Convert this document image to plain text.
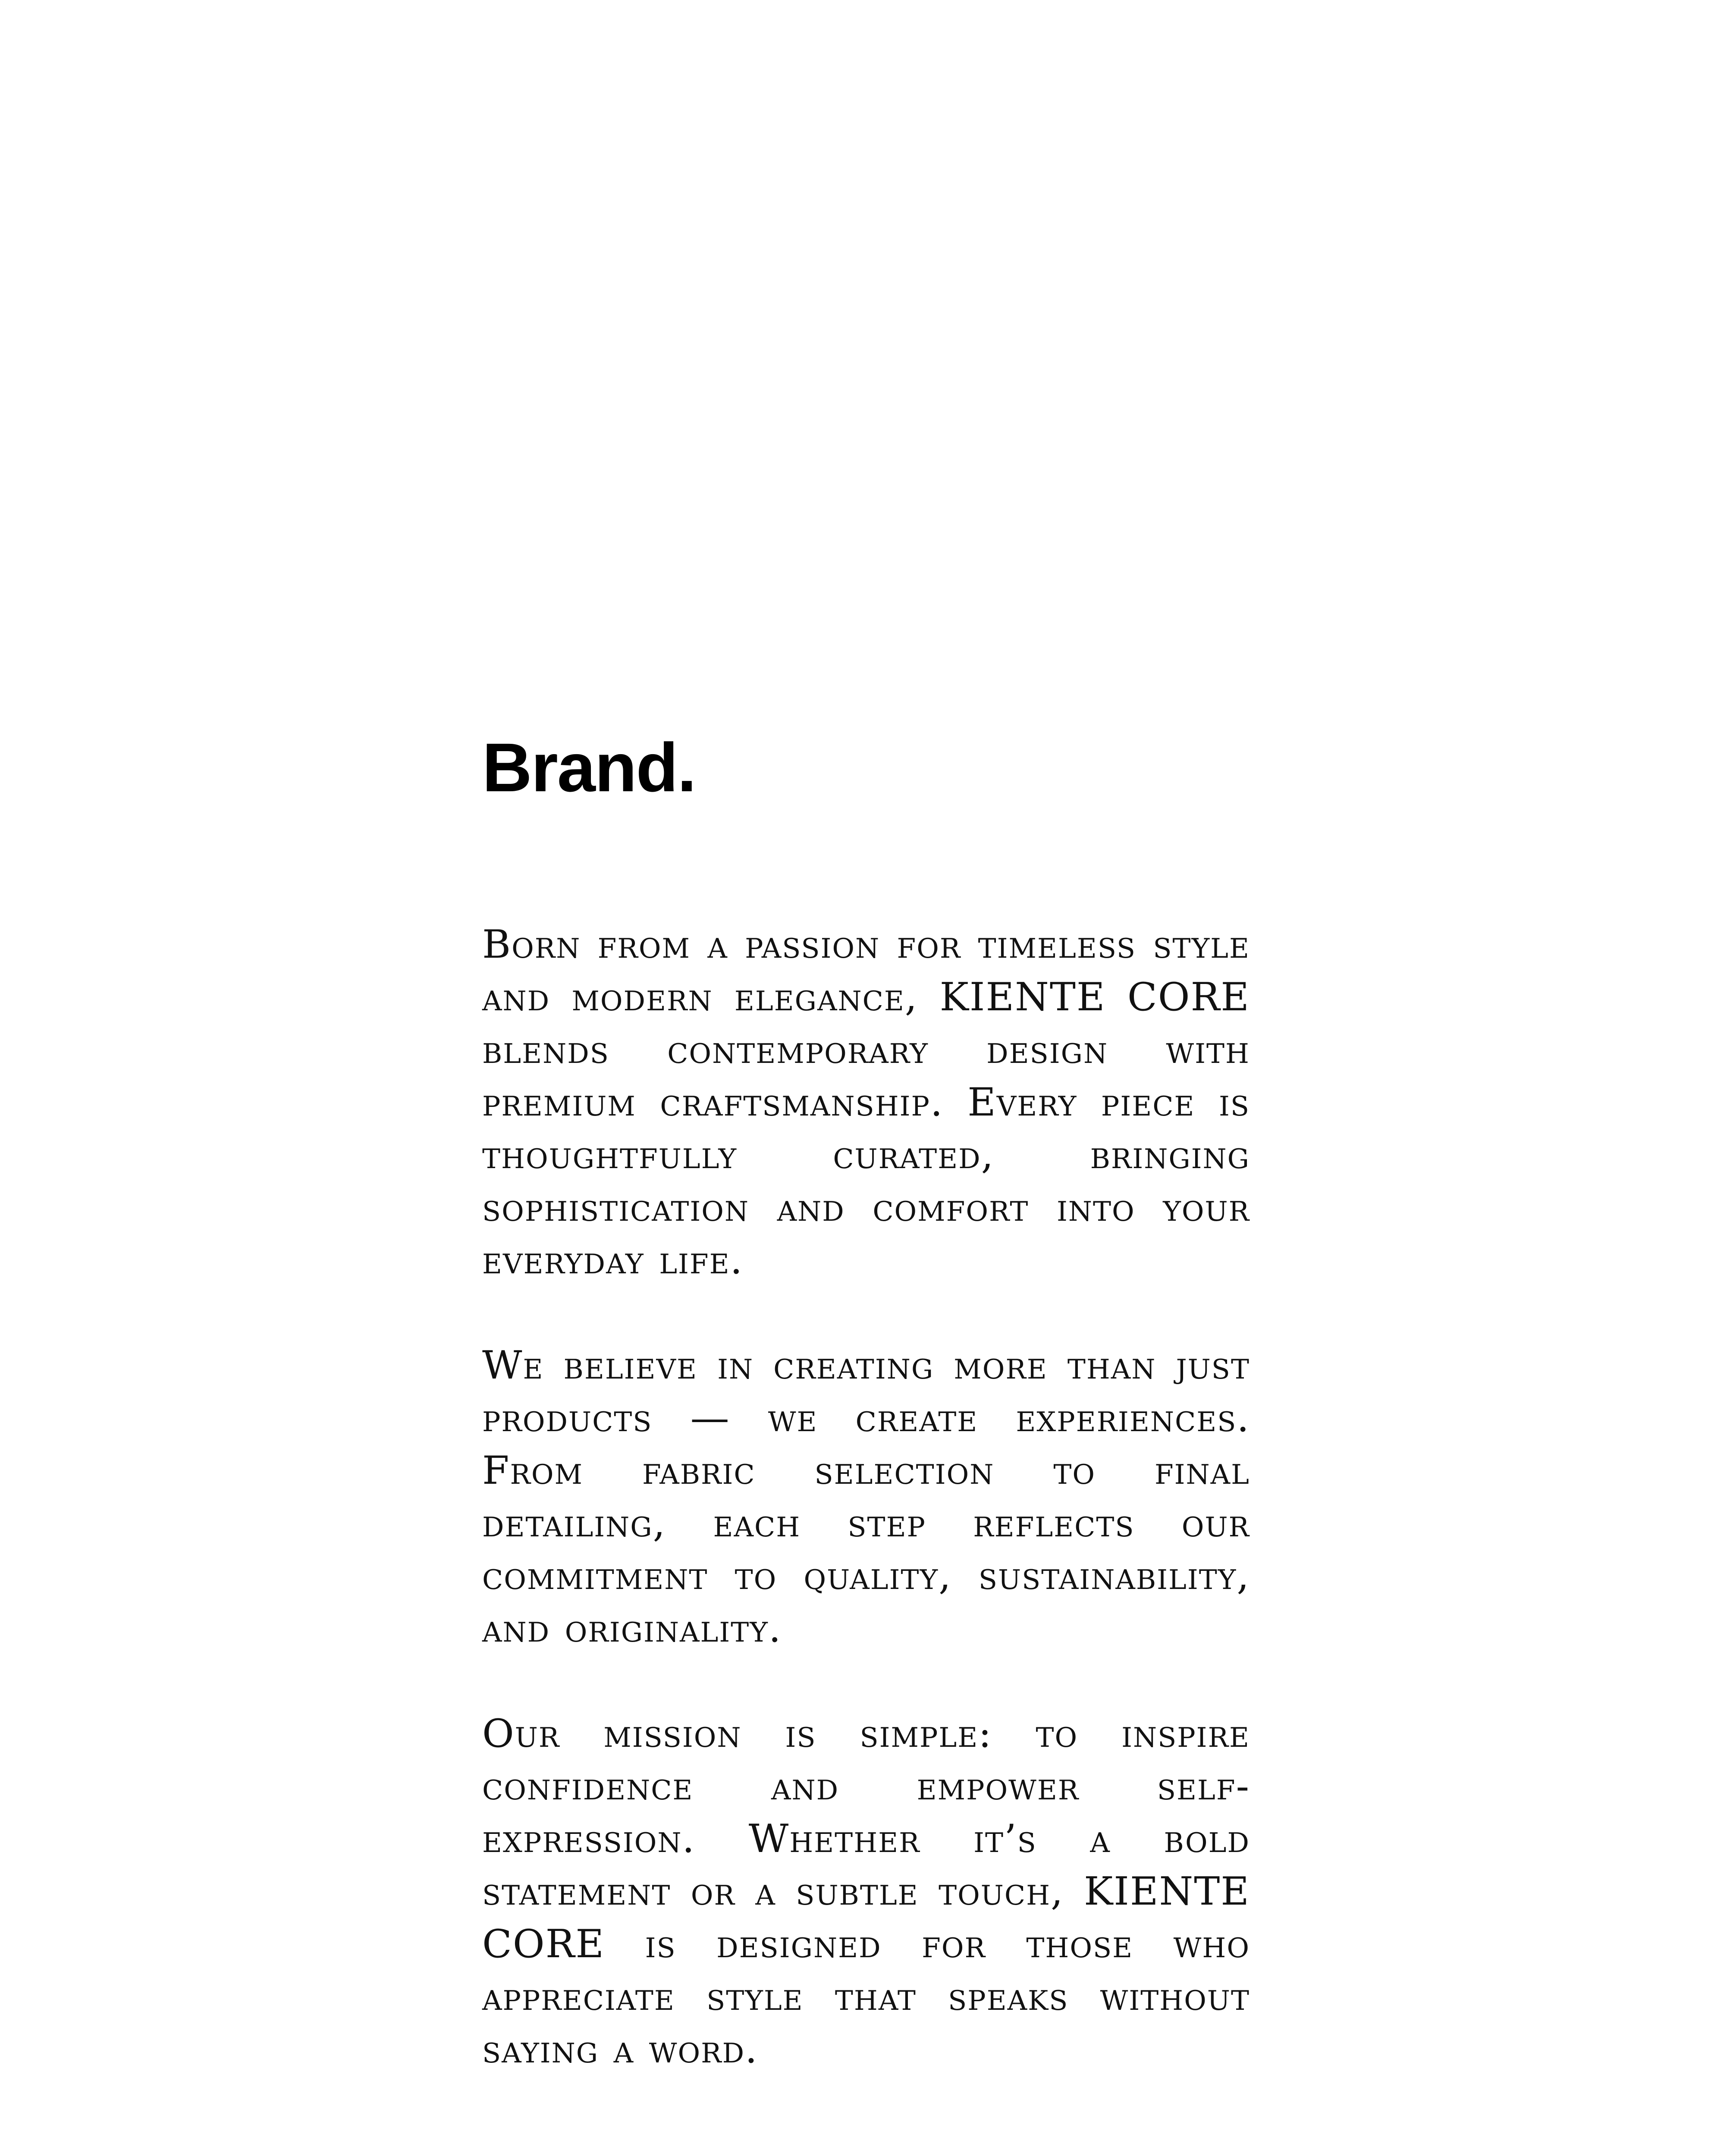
Brand.

Born from a passion for timeless style and modern elegance, KIENTE CORE blends contemporary design with premium craftsmanship. Every piece is thoughtfully curated, bringing sophistication and comfort into your everyday life.

We believe in creating more than just products — we create experiences. From fabric selection to final detailing, each step reflects our commitment to quality, sustainability, and originality.

Our mission is simple: to inspire confidence and empower self-expression. Whether it’s a bold statement or a subtle touch, KIENTE CORE is designed for those who appreciate style that speaks without saying a word.
